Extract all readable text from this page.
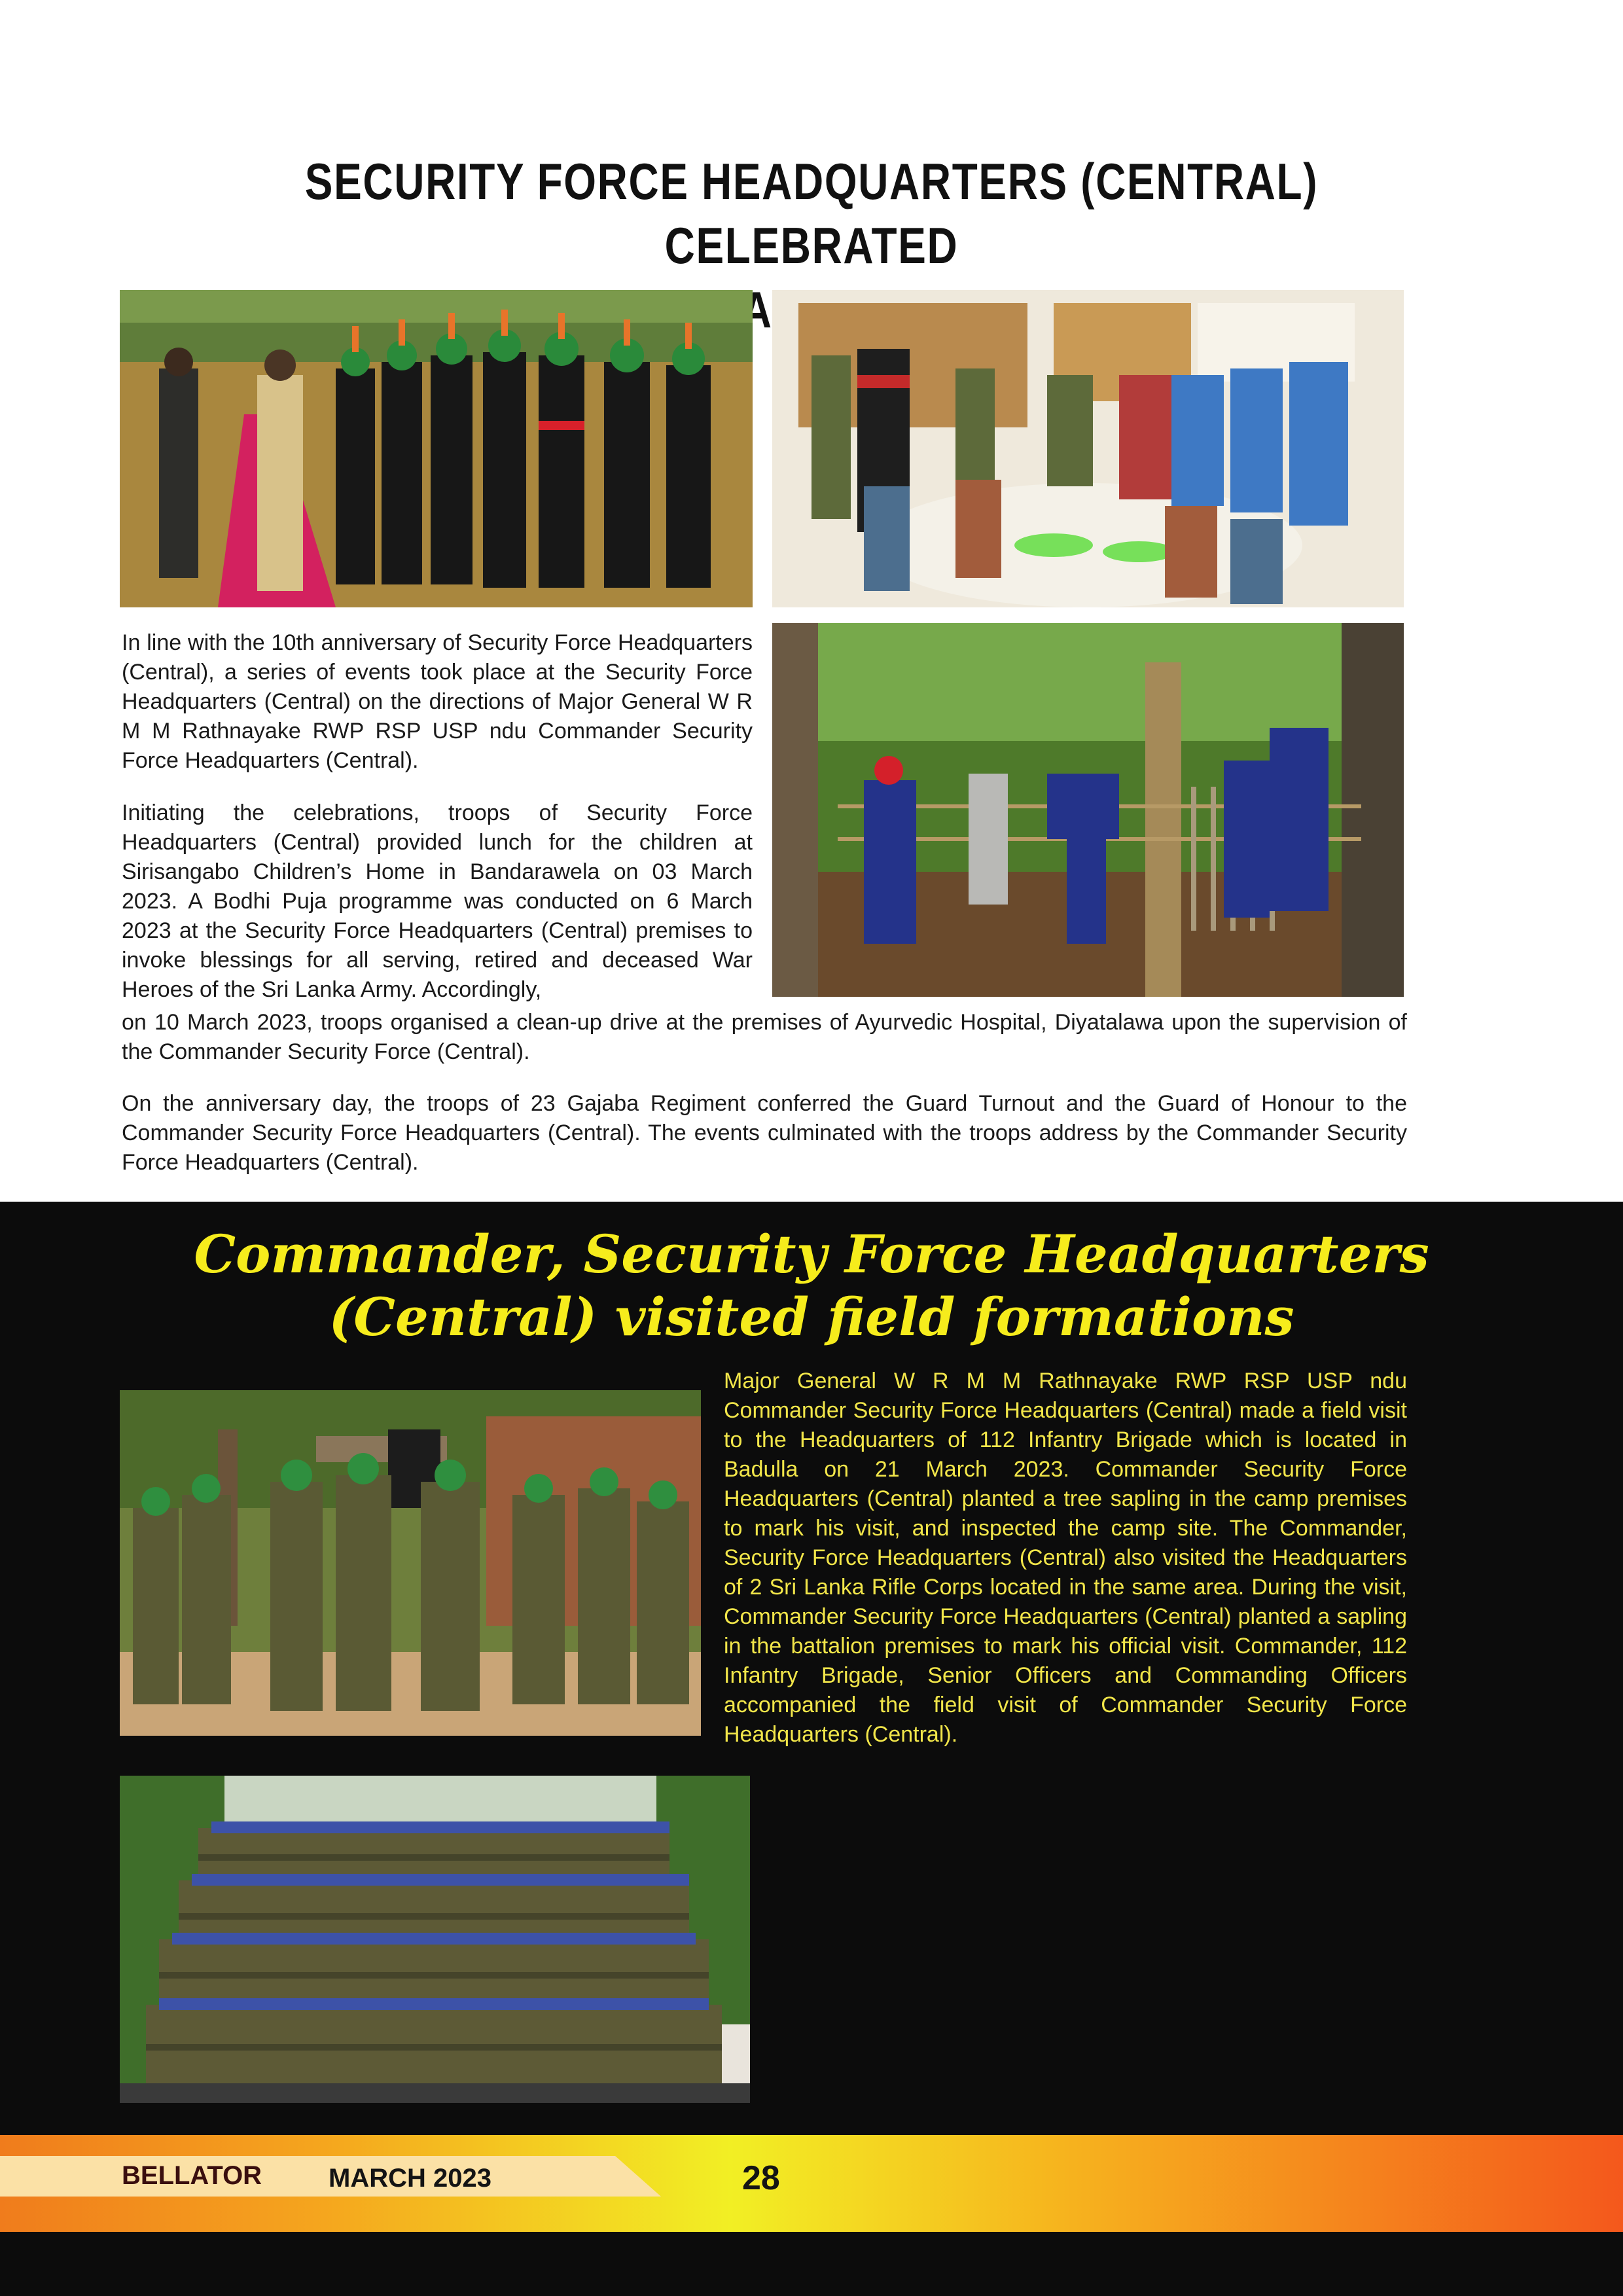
SECURITY FORCE HEADQUARTERS (CENTRAL) CELEBRATED

In line with the 10th anniversary of Security Force Headquarters (Central), a series of events took place at the Security Force Headquarters (Central) on the directions of Major General W R M M Rathnayake RWP RSP USP ndu Commander Security Force Headquarters (Central).

Initiating the celebrations, troops of Security Force Headquarters (Central) provided lunch for the children at Sirisangabo Children’s Home in Bandarawela on 03 March 2023. A Bodhi Puja programme was conducted on 6 March 2023 at the Security Force Headquarters (Central) premises to invoke blessings for all serving, retired and deceased War Heroes of the Sri Lanka Army. Accordingly,

on 10 March 2023, troops organised a clean-up drive at the premises of Ayurvedic Hospital, Diyatalawa upon the supervision of the Commander Security Force (Central).

On the anniversary day, the troops of 23 Gajaba Regiment conferred the Guard Turnout and the Guard of Honour to the Commander Security Force Headquarters (Central). The events culminated with the troops address by the Commander Security Force Headquarters (Central).

Commander, Security Force Headquarters
(Central) visited field formations

Major General W R M M Rathnayake RWP RSP USP ndu Commander Security Force Headquarters (Central) made a field visit to the Headquarters of 112 Infantry Brigade which is located in Badulla on 21 March 2023. Commander Security Force Headquarters (Central) planted a tree sapling in the camp premises to mark his visit, and inspected the camp site. The Commander, Security Force Headquarters (Central) also visited the Headquarters of 2 Sri Lanka Rifle Corps located in the same area. During the visit, Commander Security Force Headquarters (Central) planted a sapling in the battalion premises to mark his official visit. Commander, 112 Infantry Brigade, Senior Officers and Commanding Officers accompanied the field visit of Commander Security Force Headquarters (Central).

BELLATOR	MARCH 2023	28
